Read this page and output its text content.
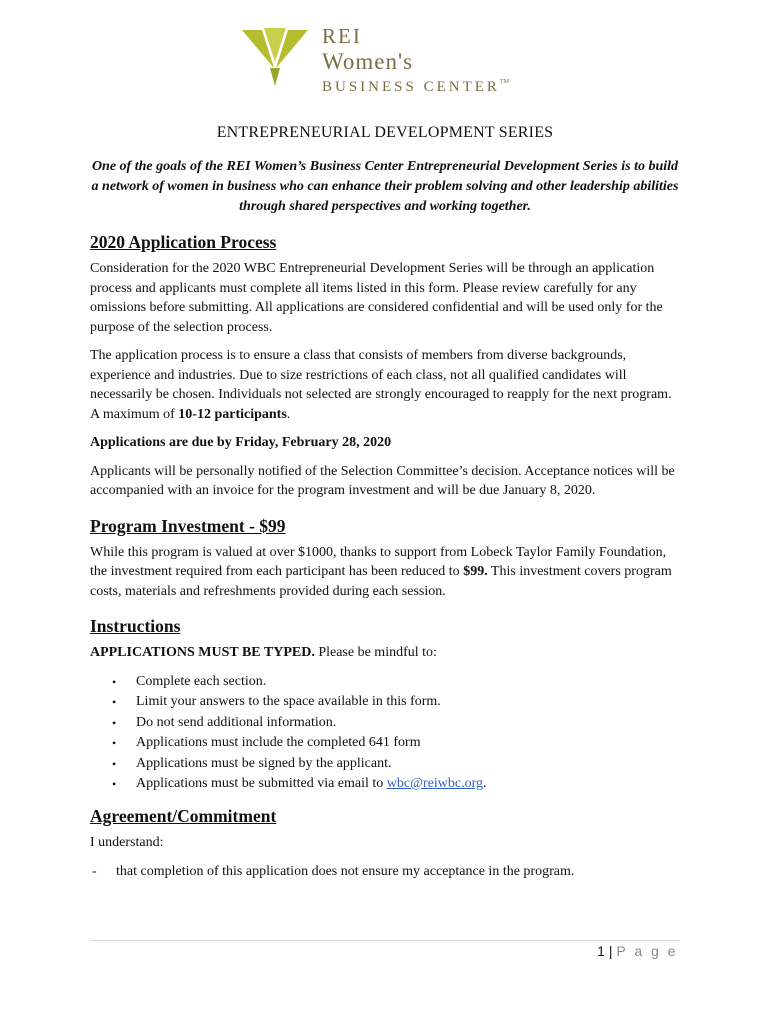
REI
Women's
BUSINESS CENTER™
ENTREPRENEURIAL DEVELOPMENT SERIES
One of the goals of the REI Women’s Business Center Entrepreneurial Development Series is to build a network of women in business who can enhance their problem solving and other leadership abilities through shared perspectives and working together.
2020 Application Process

Consideration for the 2020 WBC Entrepreneurial Development Series will be through an application process and applicants must complete all items listed in this form. Please review carefully for any omissions before submitting. All applications are considered confidential and will be used only for the purpose of the selection process.

The application process is to ensure a class that consists of members from diverse backgrounds, experience and industries. Due to size restrictions of each class, not all qualified candidates will necessarily be chosen. Individuals not selected are strongly encouraged to reapply for the next program. A maximum of 10-12 participants.

Applications are due by Friday, February 28, 2020

Applicants will be personally notified of the Selection Committee’s decision. Acceptance notices will be accompanied with an invoice for the program investment and will be due January 8, 2020.

Program Investment - $99

While this program is valued at over $1000, thanks to support from Lobeck Taylor Family Foundation, the investment required from each participant has been reduced to $99. This investment covers program costs, materials and refreshments provided during each session.

Instructions

APPLICATIONS MUST BE TYPED. Please be mindful to:

• Complete each section.
• Limit your answers to the space available in this form.
• Do not send additional information.
• Applications must include the completed 641 form
• Applications must be signed by the applicant.
• Applications must be submitted via email to wbc@reiwbc.org.
Agreement/Commitment

I understand:

- that completion of this application does not ensure my acceptance in the program.
1 | P a g e
